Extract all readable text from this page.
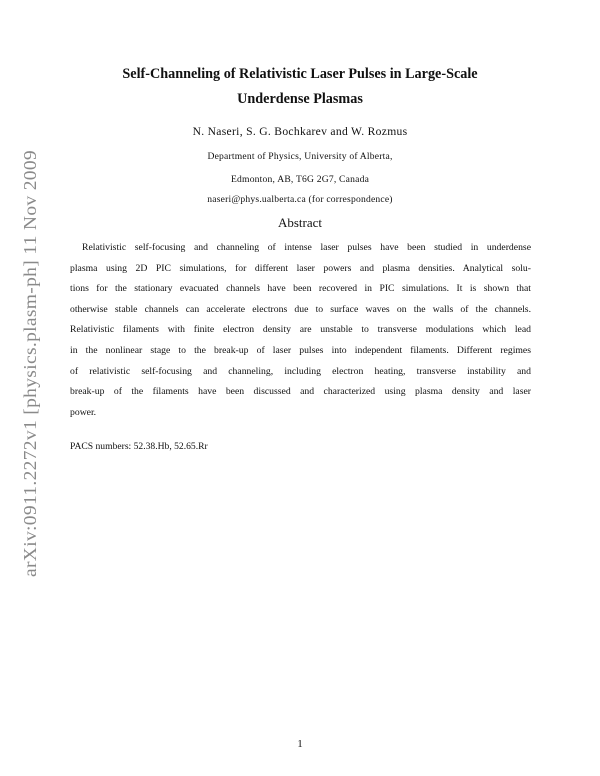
arXiv:0911.2272v1 [physics.plasm-ph] 11 Nov 2009
Self-Channeling of Relativistic Laser Pulses in Large-Scale
Underdense Plasmas
N. Naseri, S. G. Bochkarev and W. Rozmus
Department of Physics, University of Alberta,
Edmonton, AB, T6G 2G7, Canada
naseri@phys.ualberta.ca (for correspondence)
Abstract
Relativistic self-focusing and channeling of intense laser pulses have been studied in underdense
plasma using 2D PIC simulations, for different laser powers and plasma densities. Analytical solu-
tions for the stationary evacuated channels have been recovered in PIC simulations. It is shown that
otherwise stable channels can accelerate electrons due to surface waves on the walls of the channels.
Relativistic filaments with finite electron density are unstable to transverse modulations which lead
in the nonlinear stage to the break-up of laser pulses into independent filaments. Different regimes
of relativistic self-focusing and channeling, including electron heating, transverse instability and
break-up of the filaments have been discussed and characterized using plasma density and laser
power.
PACS numbers: 52.38.Hb, 52.65.Rr
1
